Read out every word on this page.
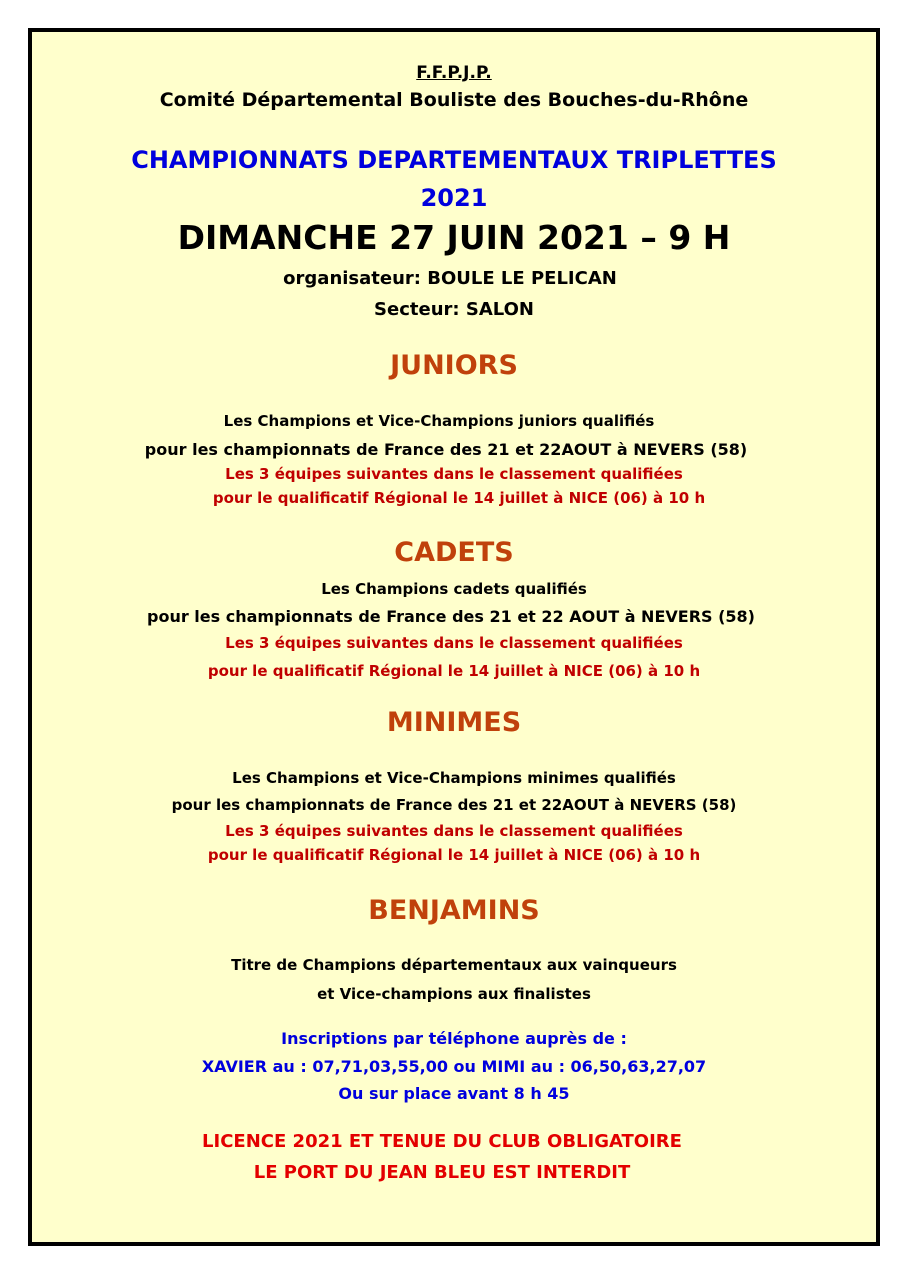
F.F.P.J.P.
Comité Départemental Bouliste des Bouches-du-Rhône
CHAMPIONNATS DEPARTEMENTAUX TRIPLETTES
2021
DIMANCHE 27 JUIN 2021 – 9 H
organisateur: BOULE LE PELICAN
Secteur: SALON
JUNIORS
Les Champions et Vice-Champions juniors qualifiés
pour les championnats de France des 21 et 22AOUT à NEVERS (58)
Les 3 équipes suivantes dans le classement qualifiées
pour le qualificatif Régional le 14 juillet à NICE (06) à 10 h
CADETS
Les Champions cadets qualifiés
pour les championnats de France des 21 et 22 AOUT à NEVERS (58)
Les 3 équipes suivantes dans le classement qualifiées
pour le qualificatif Régional le 14 juillet à NICE (06) à 10 h
MINIMES
Les Champions et Vice-Champions minimes qualifiés
pour les championnats de France des 21 et 22AOUT à NEVERS (58)
Les 3 équipes suivantes dans le classement qualifiées
pour le qualificatif Régional le 14 juillet à NICE (06) à 10 h
BENJAMINS
Titre de Champions départementaux aux vainqueurs
et Vice-champions aux finalistes
Inscriptions par téléphone auprès de :
XAVIER au : 07,71,03,55,00 ou MIMI au : 06,50,63,27,07
Ou sur place avant 8 h 45
LICENCE 2021 ET TENUE DU CLUB OBLIGATOIRE
LE PORT DU JEAN BLEU EST INTERDIT
